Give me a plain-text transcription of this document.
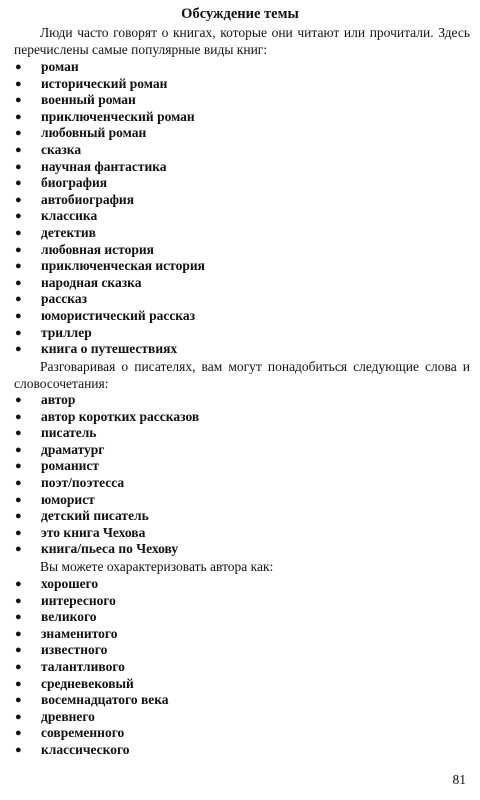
Обсуждение темы

Люди часто говорят о книгах, которые они читают или прочитали. Здесь перечислены самые популярные виды книг:

● роман
● исторический роман
● военный роман
● приключенческий роман
● любовный роман
● сказка
● научная фантастика
● биография
● автобиография
● классика
● детектив
● любовная история
● приключенческая история
● народная сказка
● рассказ
● юмористический рассказ
● триллер
● книга о путешествиях

Разговаривая о писателях, вам могут понадобиться следующие слова и словосочетания:

● автор
● автор коротких рассказов
● писатель
● драматург
● романист
● поэт/поэтесса
● юморист
● детский писатель
● это книга Чехова
● книга/пьеса по Чехову

Вы можете охарактеризовать автора как:

● хорошего
● интересного
● великого
● знаменитого
● известного
● талантливого
● средневековый
● восемнадцатого века
● древнего
● современного
● классического
81
